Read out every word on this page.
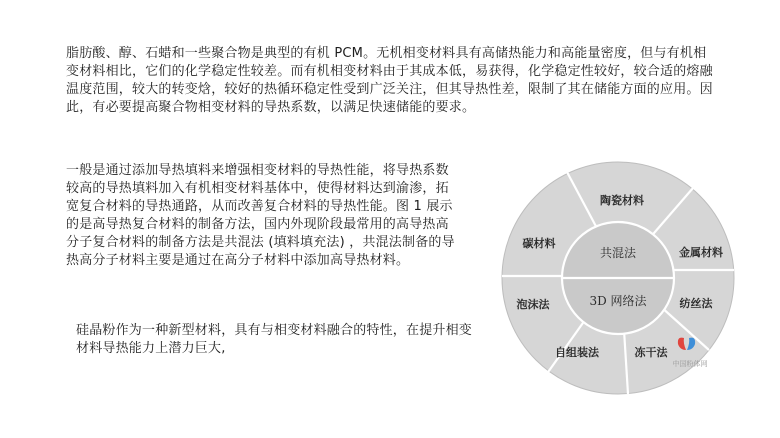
脂肪酸、醇、石蜡和一些聚合物是典型的有机 PCM。无机相变材料具有高储热能力和高能量密度，但与有机相变材料相比，它们的化学稳定性较差。而有机相变材料由于其成本低，易获得，化学稳定性较好，较合适的熔融温度范围，较大的转变焓，较好的热循环稳定性受到广泛关注，但其导热性差，限制了其在储能方面的应用。因此，有必要提高聚合物相变材料的导热系数，以满足快速储能的要求。

一般是通过添加导热填料来增强相变材料的导热性能，将导热系数较高的导热填料加入有机相变材料基体中，使得材料达到渝渗，拓宽复合材料的导热通路，从而改善复合材料的导热性能。图 1 展示的是高导热复合材料的制备方法，国内外现阶段最常用的高导热高分子复合材料的制备方法是共混法 (填料填充法) ，共混法制备的导热高分子材料主要是通过在高分子材料中添加高导热材料。

硅晶粉作为一种新型材料，具有与相变材料融合的特性，在提升相变材料导热能力上潜力巨大,

共混法
3D 网络法
陶瓷材料
金属材料
纺丝法
冻干法
自组装法
泡沫法
碳材料
中国粉体网
